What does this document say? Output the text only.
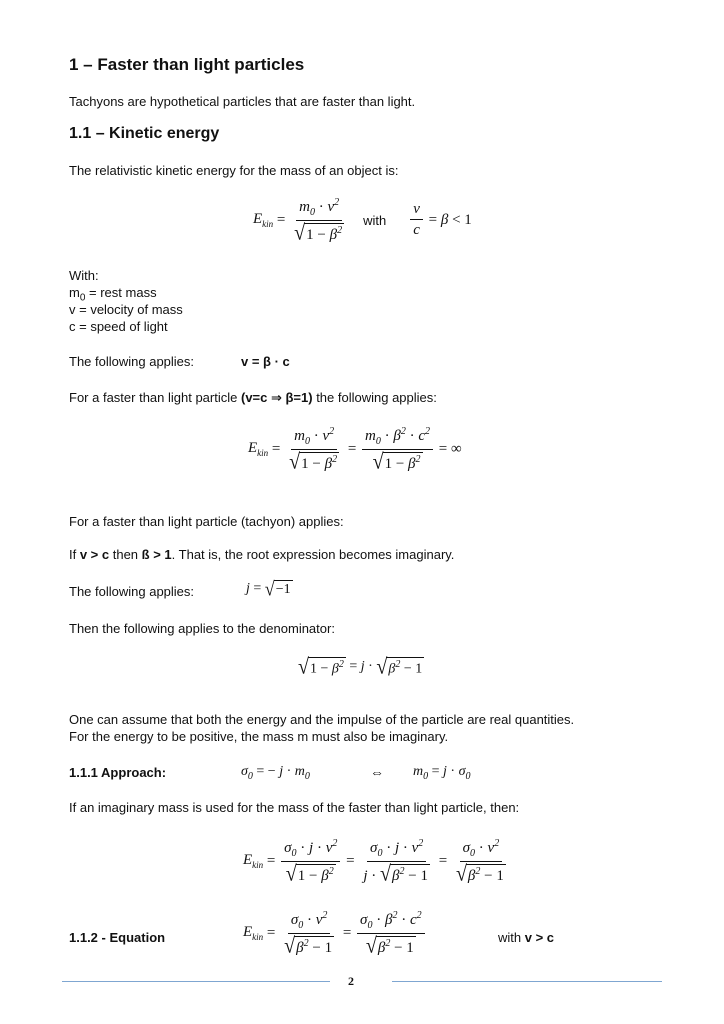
1 – Faster than light particles
Tachyons are hypothetical particles that are faster than light.
1.1 – Kinetic energy
The relativistic kinetic energy for the mass of an object is:
$E_{kin} = \frac{m_0 \cdot v^2}{√ 1 - \beta^2}$ with $\frac{v}{c} = \beta < 1$
With:
$m_0$ = rest mass
v = velocity of mass
c = speed of light
The following applies:	v = β · c
For a faster than light particle (v=c ⇒ β=1) the following applies:
$E_{kin} = \frac{m_0 \cdot v^2}{√ 1 - \beta^2} = \frac{m_0 \cdot \beta^2 \cdot c^2}{√ 1 - \beta^2}$ = ∞
For a faster than light particle (tachyon) applies:
If v > c then ß > 1. That is, the root expression becomes imaginary.
The following applies:	j = √ −1
Then the following applies to the denominator:
√ $1 - \beta^2 = j$ · √ $\beta^2 - 1$
One can assume that both the energy and the impulse of the particle are real quantities.
For the energy to be positive, the mass m must also be imaginary.
1.1.1 Approach:	$\sigma_0$ = − $j \cdot m_0$	⇔ $m_0 = j \cdot \sigma_0$
If an imaginary mass is used for the mass of the faster than light particle, then:
$E_{kin} = \frac{\sigma_0 \cdot j \cdot v^2}{√ 1 - \beta^2} = \frac{\sigma_0 \cdot j \cdot v^2}{j \cdot √ \beta^2 - 1} = \frac{\sigma_0 \cdot v^2}{√ \beta^2 - 1}$
1.1.2 - Equation	$E_{kin} = \frac{\sigma_0 \cdot v^2}{√ \beta^2 - 1} = \frac{\sigma_0 \cdot \beta^2 \cdot c^2}{√ \beta^2 - 1}$	with v > c
2
